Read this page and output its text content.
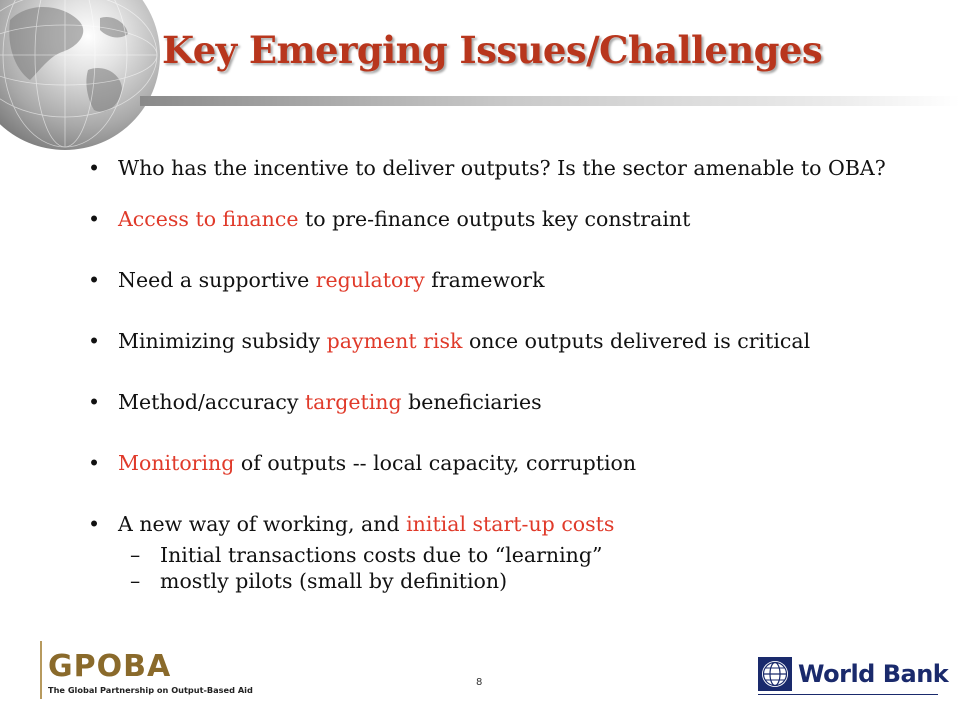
Key Emerging Issues/Challenges
• Who has the incentive to deliver outputs? Is the sector amenable to OBA?
• Access to finance to pre-finance outputs key constraint
• Need a supportive regulatory framework
• Minimizing subsidy payment risk once outputs delivered is critical
• Method/accuracy targeting beneficiaries
• Monitoring of outputs -- local capacity, corruption
• A new way of working, and initial start-up costs
– Initial transactions costs due to “learning”
– mostly pilots (small by definition)
GPOBA
The Global Partnership on Output-Based Aid
8	World Bank
